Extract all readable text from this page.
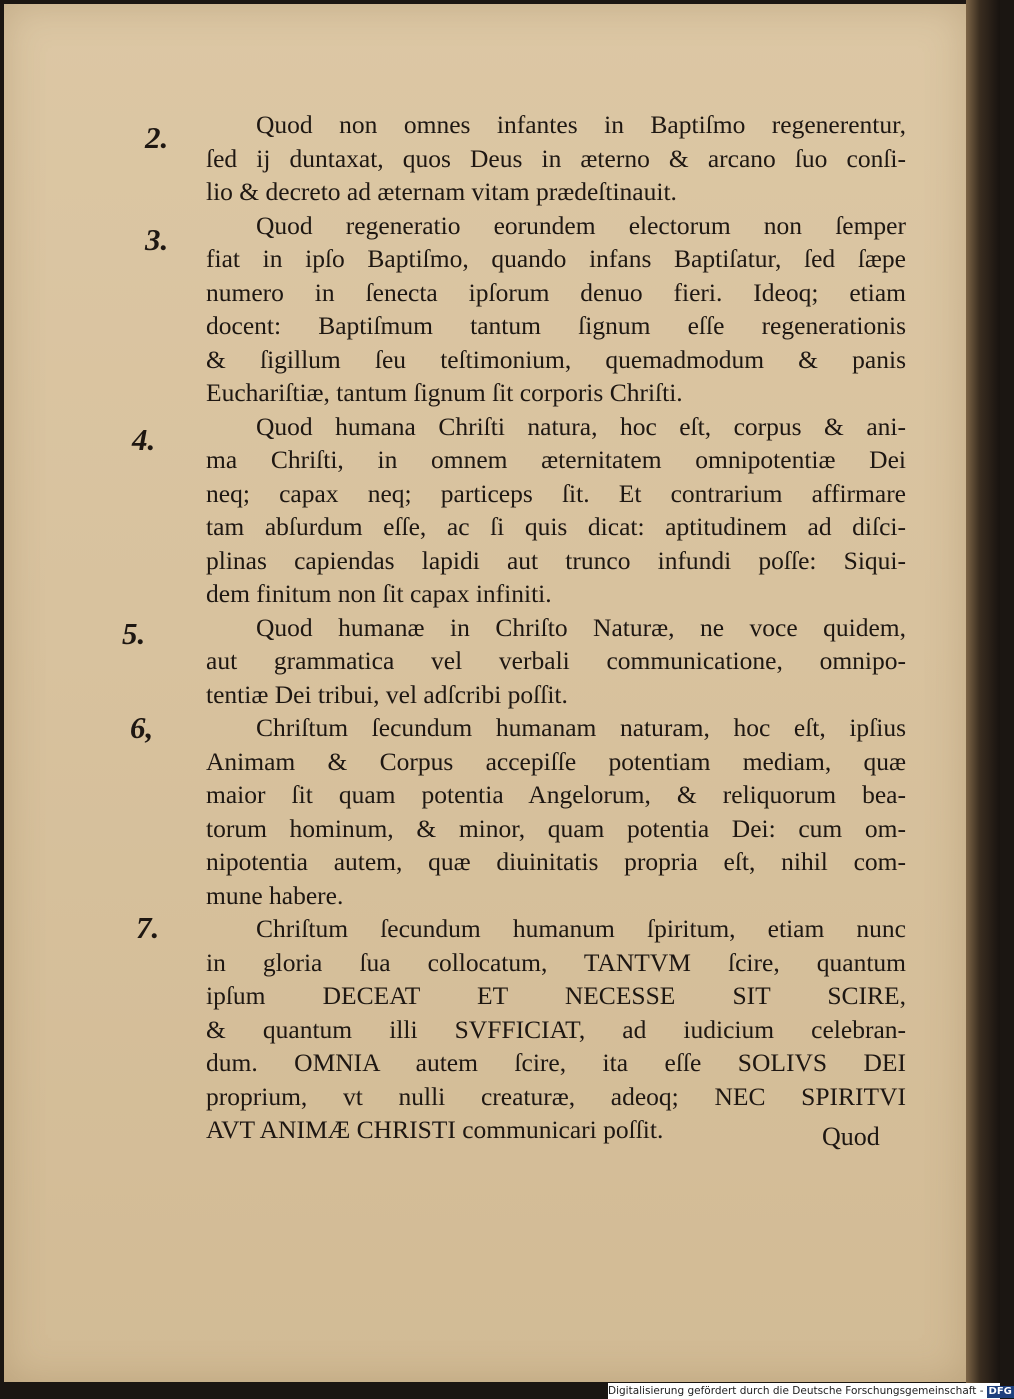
2.
3.
4.
5.
6,
7.
Quod non omnes infantes in Baptiſmo regenerentur,
ſed ij duntaxat, quos Deus in æterno & arcano ſuo conſi-
lio & decreto ad æternam vitam prædeſtinauit.
Quod regeneratio eorundem electorum non ſemper
fiat in ipſo Baptiſmo, quando infans Baptiſatur, ſed ſæpe
numero in ſenecta ipſorum denuo fieri. Ideoq; etiam
docent: Baptiſmum tantum ſignum eſſe regenerationis
& ſigillum ſeu teſtimonium, quemadmodum & panis
Euchariſtiæ, tantum ſignum ſit corporis Chriſti.
Quod humana Chriſti natura, hoc eſt, corpus & ani-
ma Chriſti, in omnem æternitatem omnipotentiæ Dei
neq; capax neq; particeps ſit. Et contrarium affirmare
tam abſurdum eſſe, ac ſi quis dicat: aptitudinem ad diſci-
plinas capiendas lapidi aut trunco infundi poſſe: Siqui-
dem finitum non ſit capax infiniti.
Quod humanæ in Chriſto Naturæ, ne voce quidem,
aut grammatica vel verbali communicatione, omnipo-
tentiæ Dei tribui, vel adſcribi poſſit.
Chriſtum ſecundum humanam naturam, hoc eſt, ipſius
Animam & Corpus accepiſſe potentiam mediam, quæ
maior ſit quam potentia Angelorum, & reliquorum bea-
torum hominum, & minor, quam potentia Dei: cum om-
nipotentia autem, quæ diuinitatis propria eſt, nihil com-
mune habere.
Chriſtum ſecundum humanum ſpiritum, etiam nunc
in gloria ſua collocatum, TANTVM ſcire, quantum
ipſum DECEAT ET NECESSE SIT SCIRE,
& quantum illi SVFFICIAT, ad iudicium celebran-
dum. OMNIA autem ſcire, ita eſſe SOLIVS DEI
proprium, vt nulli creaturæ, adeoq; NEC SPIRITVI
AVT ANIMÆ CHRISTI communicari poſſit.	Quod
Digitalisierung gefördert durch die Deutsche Forschungsgemeinschaft - DFG
